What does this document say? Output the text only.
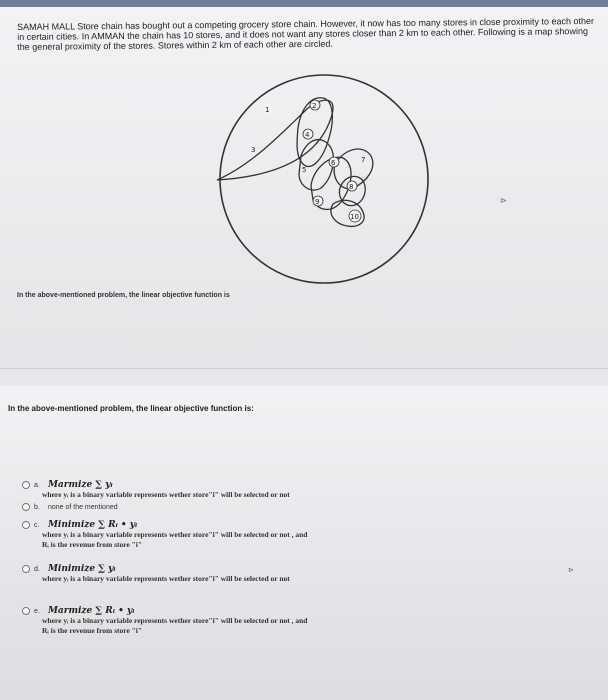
SAMAH MALL Store chain has bought out a competing grocery store chain. However, it now has too many stores in close proximity to each other in certain cities. In AMMAN the chain has 10 stores, and it does not want any stores closer than 2 km to each other. Following is a map showing the general proximity of the stores. Stores within 2 km of each other are circled.
1	2
3
4
5
6	7
8
9
10
⊳
In the above-mentioned problem, the linear objective function is
In the above-mentioned problem, the linear objective function is:
a. Marmize ∑ yᵢ
where yᵢ is a binary variable represents wether store"i" will be selected or not
b. none of the mentioned
c. Minimize ∑ Rᵢ • yᵢ
where yᵢ is a binary variable represents wether store"i" will be selected or not , and
Rᵢ is the revenue from store "i"
d. Minimize ∑ yᵢ
where yᵢ is a binary variable represents wether store"i" will be selected or not
e. Marmize ∑ Rᵢ • yᵢ
where yᵢ is a binary variable represents wether store"i" will be selected or not , and
Rᵢ is the revenue from store "i"
⊳
